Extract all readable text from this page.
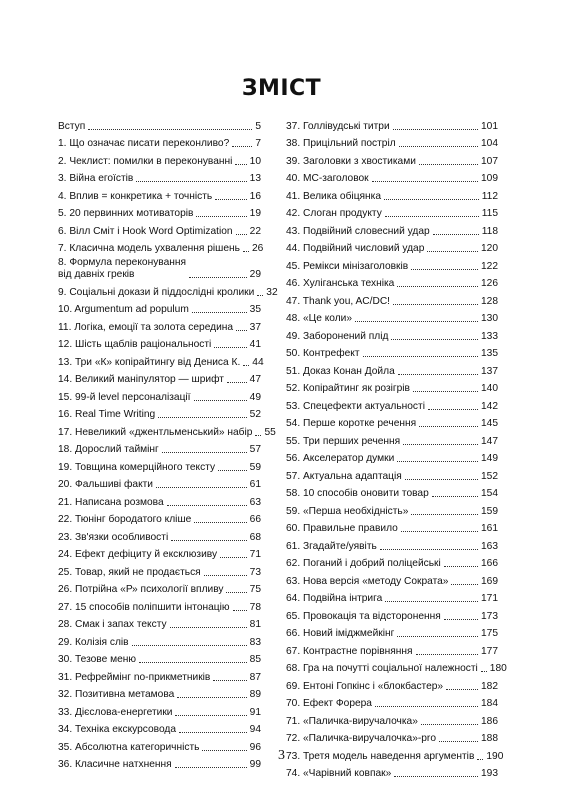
ЗМІСТ
Вступ	5
1. Що означає писати переконливо?	7
2. Чеклист: помилки в переконуванні 10
3. Війна егоїстів	13
4. Вплив = конкретика + точність	16
5. 20 первинних мотиваторів	19
6. Вілл Сміт і Hook Word Optimization 22
7. Класична модель ухвалення рішень 26
8. Формула переконування
від давніх греків	29
9. Соціальні докази й піддослідні кролики 32
10. Argumentum ad populum	35
11. Логіка, емоції та золота середина 37
12. Шість щаблів раціональності	41
13. Три «К» копірайтингу від Дениса К. 44
14. Великий маніпулятор — шрифт	47
15. 99-й level персоналізації	49
16. Real Time Writing	52
17. Невеликий «джентльменський» набір 55
18. Дорослий таймінг	57
19. Товщина комерційного тексту	59
20. Фальшиві факти	61
21. Написана розмова	63
22. Тюнінг бородатого кліше	66
23. Зв'язки особливості	68
24. Ефект дефіциту й ексклюзиву	71
25. Товар, який не продається	73
26. Потрійна «Р» психології впливу	75
27. 15 способів поліпшити інтонацію 78
28. Смак і запах тексту	81
29. Колізія слів	83
30. Тезове меню	85
31. Рефреймінг no-прикметників	87
32. Позитивна метамова	89
33. Дієслова-енергетики	91
34. Техніка екскурсовода	94
35. Абсолютна категоричність	96
36. Класичне натхнення	99
37. Голлівудські титри	101
38. Прицільний постріл	104
39. Заголовки з хвостиками	107
40. МС-заголовок	109
41. Велика обіцянка	112
42. Слоган продукту	115
43. Подвійний словесний удар	118
44. Подвійний числовий удар	120
45. Ремікси мінізаголовків	122
46. Хуліганська техніка	126
47. Thank you, AC/DC!	128
48. «Це коли»	130
49. Заборонений плід	133
50. Контрефект	135
51. Доказ Конан Дойла	137
52. Копірайтинг як розігрів	140
53. Спецефекти актуальності	142
54. Перше коротке речення	145
55. Три перших речення	147
56. Акселератор думки	149
57. Актуальна адаптація	152
58. 10 способів оновити товар	154
59. «Перша необхідність»	159
60. Правильне правило	161
61. Згадайте/уявіть	163
62. Поганий і добрий поліцейські	166
63. Нова версія «методу Сократа»	169
64. Подвійна інтрига	171
65. Провокація та відсторонення	173
66. Новий іміджмейкінг	175
67. Контрастне порівняння	177
68. Гра на почутті соціальної належності 180
69. Ентоні Гопкінс і «блокбастер»	182
70. Ефект Форера	184
71. «Паличка-виручалочка»	186
72. «Паличка-виручалочка»-pro	188
73. Третя модель наведення аргументів 190
74. «Чарівний ковпак»	193
3
